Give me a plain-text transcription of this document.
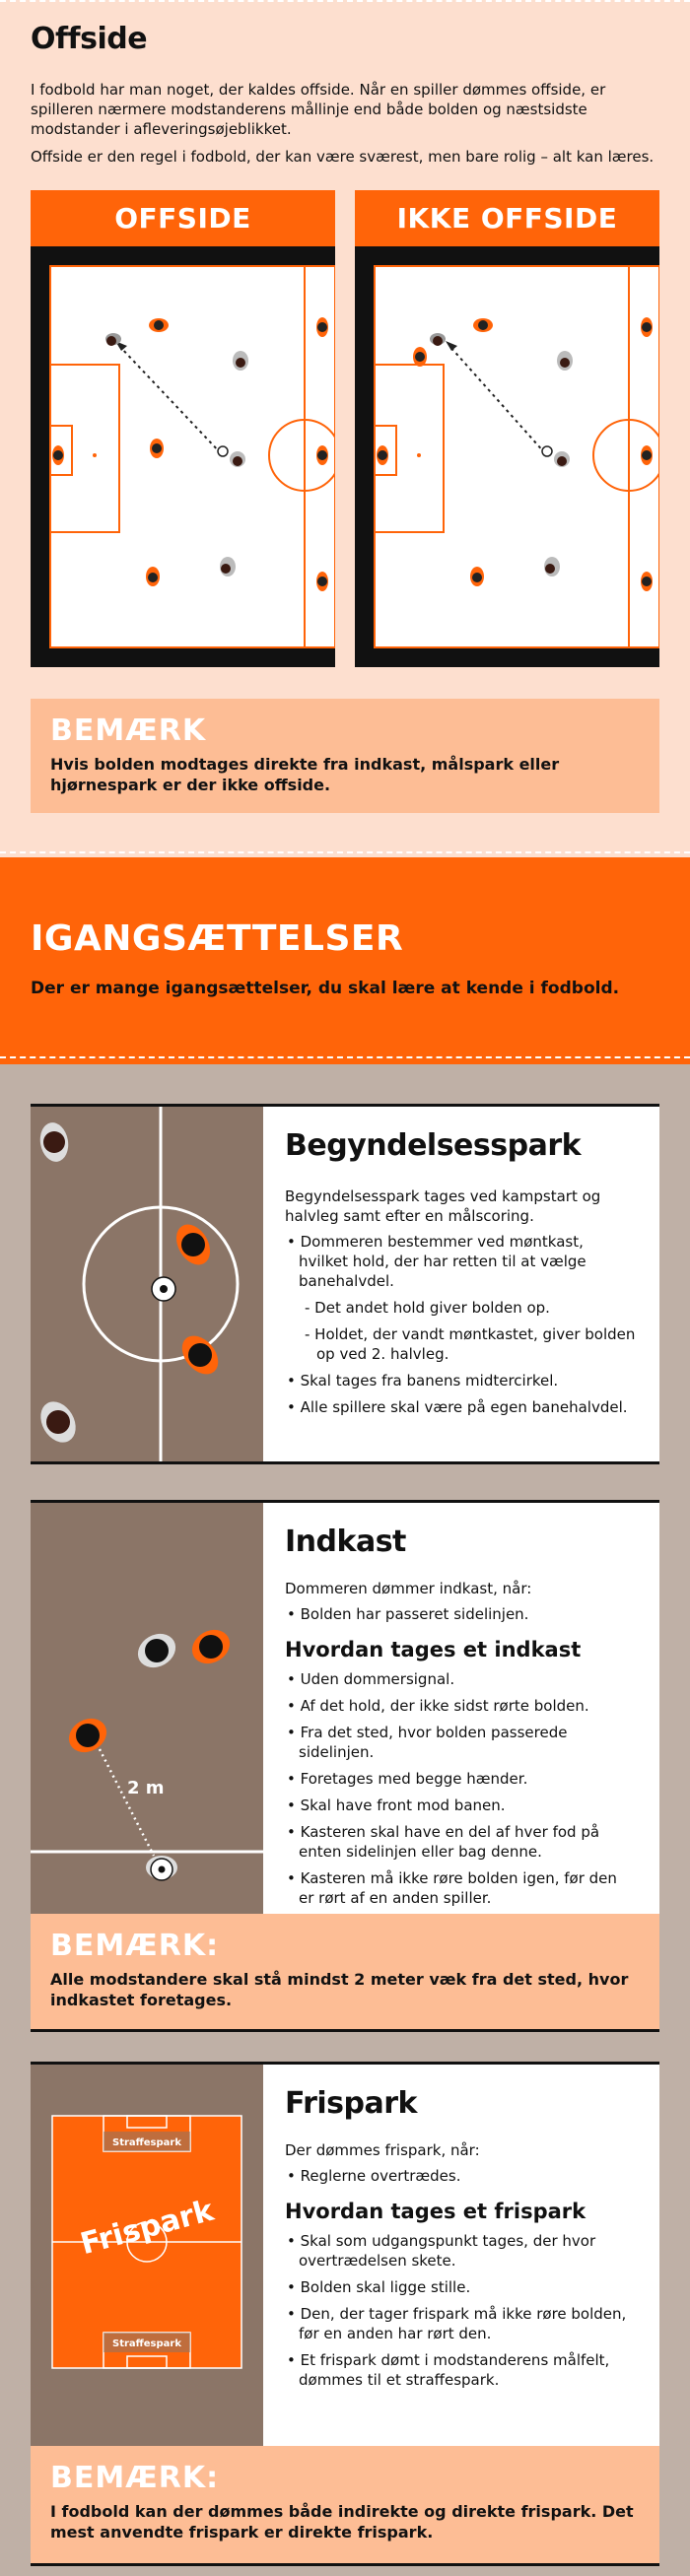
Offside

I fodbold har man noget, der kaldes offside. Når en spiller dømmes offside, er spilleren nærmere modstanderens mållinje end både bolden og næstsidste modstander i afleveringsøjeblikket.

Offside er den regel i fodbold, der kan være sværest, men bare rolig – alt kan læres.

OFFSIDE	IKKE OFFSIDE
BEMÆRK
Hvis bolden modtages direkte fra indkast, målspark eller hjørnespark er der ikke offside.
IGANGSÆTTELSER

Der er mange igangsættelser, du skal lære at kende i fodbold.

Begyndelsesspark

Begyndelsesspark tages ved kampstart og halvleg samt efter en målscoring.

• Dommeren bestemmer ved møntkast, hvilket hold, der har retten til at vælge banehalvdel.
- Det andet hold giver bolden op.
- Holdet, der vandt møntkastet, giver bolden op ved 2. halvleg.
• Skal tages fra banens midtercirkel.
• Alle spillere skal være på egen banehalvdel.
2 m
Indkast

Dommeren dømmer indkast, når:

• Bolden har passeret sidelinjen.
Hvordan tages et indkast
• Uden dommersignal.
• Af det hold, der ikke sidst rørte bolden.
• Fra det sted, hvor bolden passerede sidelinjen.
• Foretages med begge hænder.
• Skal have front mod banen.
• Kasteren skal have en del af hver fod på enten sidelinjen eller bag denne.
• Kasteren må ikke røre bolden igen, før den er rørt af en anden spiller.
BEMÆRK:
Alle modstandere skal stå mindst 2 meter væk fra det sted, hvor indkastet foretages.
Straffespark
Straffespark
Frispark
Frispark

Der dømmes frispark, når:

• Reglerne overtrædes.
Hvordan tages et frispark
• Skal som udgangspunkt tages, der hvor overtrædelsen skete.
• Bolden skal ligge stille.
• Den, der tager frispark må ikke røre bolden, før en anden har rørt den.
• Et frispark dømt i modstanderens målfelt, dømmes til et straffespark.
BEMÆRK:
I fodbold kan der dømmes både indirekte og direkte frispark. Det mest anvendte frispark er direkte frispark.
